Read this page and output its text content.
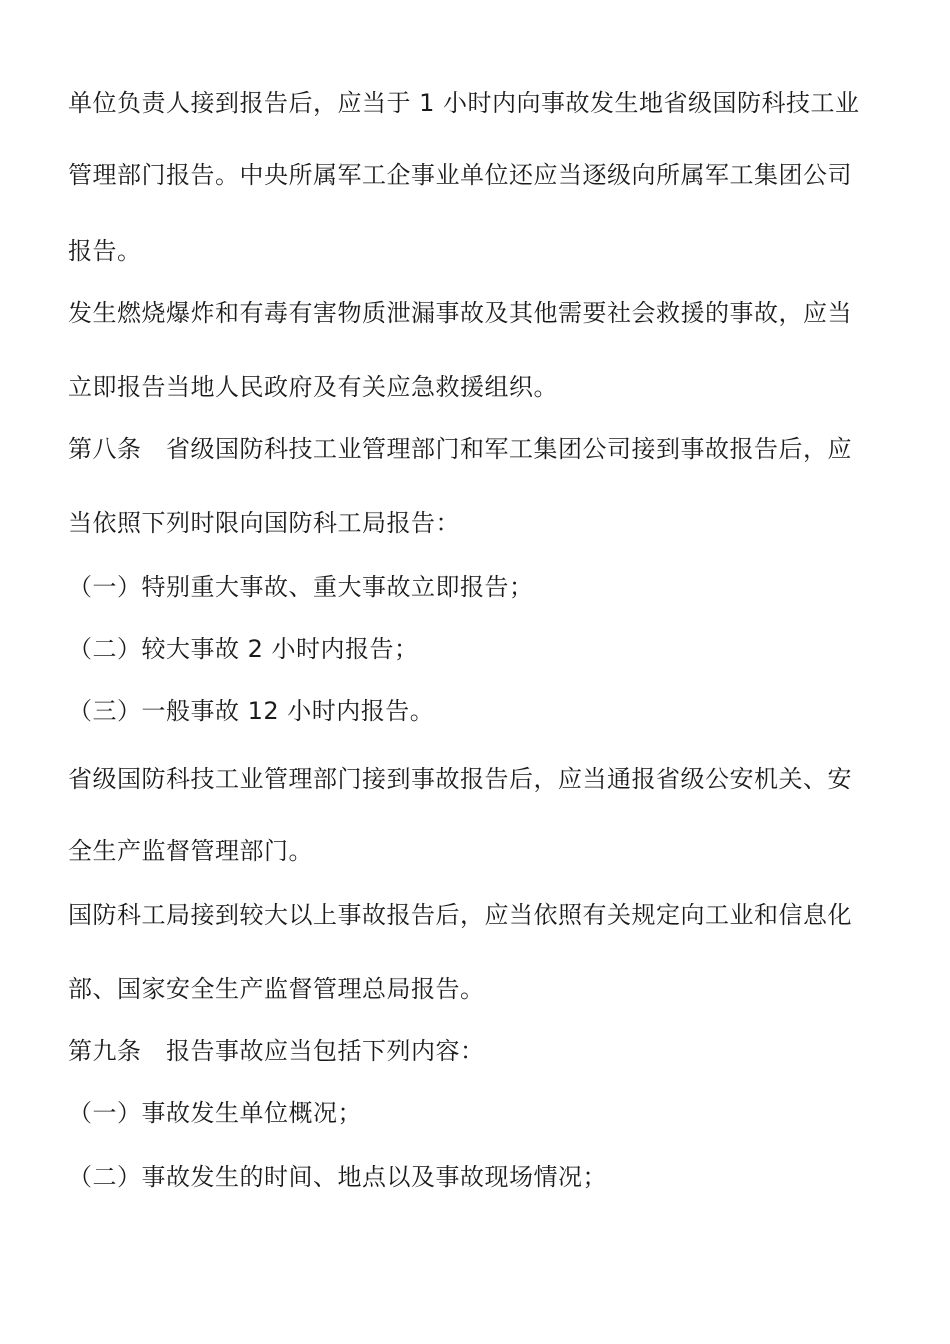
单位负责人接到报告后，应当于 1 小时内向事故发生地省级国防科技工业
管理部门报告。中央所属军工企事业单位还应当逐级向所属军工集团公司
报告。
发生燃烧爆炸和有毒有害物质泄漏事故及其他需要社会救援的事故，应当
立即报告当地人民政府及有关应急救援组织。
第八条　省级国防科技工业管理部门和军工集团公司接到事故报告后，应
当依照下列时限向国防科工局报告：
（一）特别重大事故、重大事故立即报告；
（二）较大事故 2 小时内报告；
（三）一般事故 12 小时内报告。
省级国防科技工业管理部门接到事故报告后，应当通报省级公安机关、安
全生产监督管理部门。
国防科工局接到较大以上事故报告后，应当依照有关规定向工业和信息化
部、国家安全生产监督管理总局报告。
第九条　报告事故应当包括下列内容：
（一）事故发生单位概况；
（二）事故发生的时间、地点以及事故现场情况；
